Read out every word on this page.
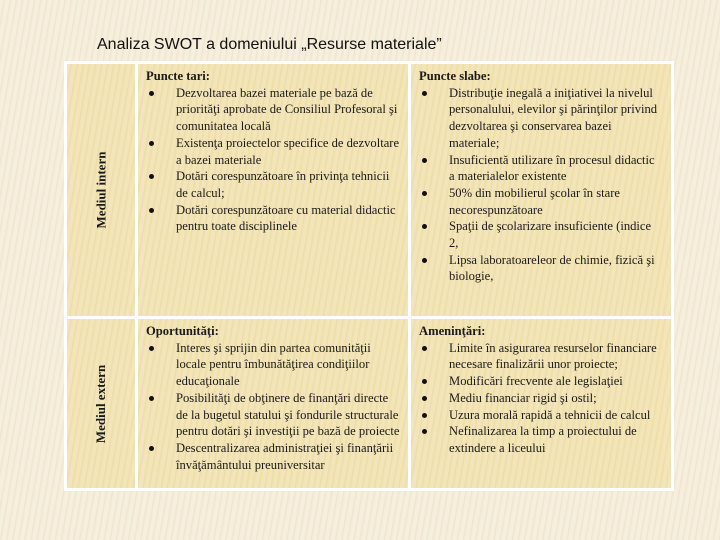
Analiza SWOT a domeniului „Resurse materiale”
Mediul intern
Puncte tari:
Dezvoltarea bazei materiale pe bază de priorităţi aprobate de Consiliul Profesoral şi comunitatea locală
Existenţa proiectelor specifice de dezvoltare a bazei materiale
Dotări corespunzătoare în privinţa tehnicii de calcul;
Dotări corespunzătoare cu material didactic pentru toate disciplinele
Puncte slabe:
Distribuţie inegală a iniţiativei la nivelul personalului, elevilor şi părinţilor privind dezvoltarea şi conservarea bazei materiale;
Insuficientă utilizare în procesul didactic a materialelor existente
50% din mobilierul şcolar în stare necorespunzătoare
Spaţii de şcolarizare insuficiente (indice 2,
Lipsa laboratoareleor de chimie, fizică şi biologie,
Mediul extern
Oportunităţi:
Interes şi sprijin din partea comunităţii locale pentru îmbunătăţirea condiţiilor educaţionale
Posibilităţi de obţinere de finanţări directe de la bugetul statului şi fondurile structurale pentru dotări şi investiţii pe bază de proiecte
Descentralizarea administraţiei şi finanţării învăţământului preuniversitar
Ameninţări:
Limite în asigurarea resurselor financiare necesare finalizării unor proiecte;
Modificări frecvente ale legislaţiei
Mediu financiar rigid şi ostil;
Uzura morală rapidă a tehnicii de calcul
Nefinalizarea la timp a proiectului de extindere a liceului
